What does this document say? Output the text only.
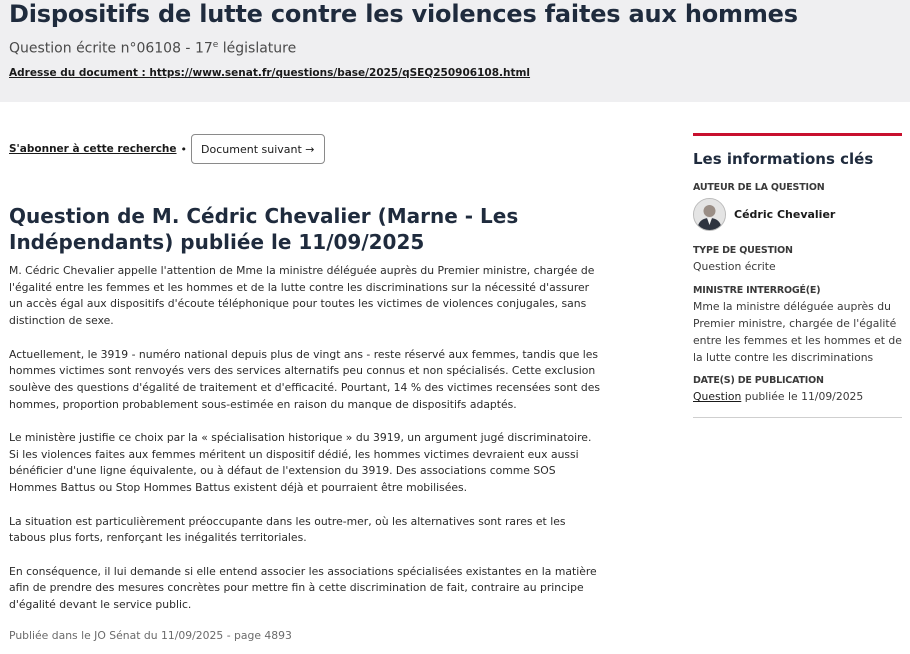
Dispositifs de lutte contre les violences faites aux hommes
Question écrite n°06108 - 17e législature
Adresse du document : https://www.senat.fr/questions/base/2025/qSEQ250906108.html
S'abonner à cette recherche •	Document suivant →
Question de M. Cédric Chevalier (Marne - Les Indépendants) publiée le 11/09/2025

M. Cédric Chevalier appelle l'attention de Mme la ministre déléguée auprès du Premier ministre, chargée de l'égalité entre les femmes et les hommes et de la lutte contre les discriminations sur la nécessité d'assurer un accès égal aux dispositifs d'écoute téléphonique pour toutes les victimes de violences conjugales, sans distinction de sexe.

Actuellement, le 3919 - numéro national depuis plus de vingt ans - reste réservé aux femmes, tandis que les hommes victimes sont renvoyés vers des services alternatifs peu connus et non spécialisés. Cette exclusion soulève des questions d'égalité de traitement et d'efficacité. Pourtant, 14 % des victimes recensées sont des hommes, proportion probablement sous-estimée en raison du manque de dispositifs adaptés.

Le ministère justifie ce choix par la « spécialisation historique » du 3919, un argument jugé discriminatoire. Si les violences faites aux femmes méritent un dispositif dédié, les hommes victimes devraient eux aussi bénéficier d'une ligne équivalente, ou à défaut de l'extension du 3919. Des associations comme SOS Hommes Battus ou Stop Hommes Battus existent déjà et pourraient être mobilisées.

La situation est particulièrement préoccupante dans les outre-mer, où les alternatives sont rares et les tabous plus forts, renforçant les inégalités territoriales.

En conséquence, il lui demande si elle entend associer les associations spécialisées existantes en la matière afin de prendre des mesures concrètes pour mettre fin à cette discrimination de fait, contraire au principe d'égalité devant le service public.

Publiée dans le JO Sénat du 11/09/2025 - page 4893
Les informations clés
AUTEUR DE LA QUESTION
Cédric Chevalier
TYPE DE QUESTION
Question écrite
MINISTRE INTERROGÉ(E)
Mme la ministre déléguée auprès du Premier ministre, chargée de l'égalité entre les femmes et les hommes et de la lutte contre les discriminations
DATE(S) DE PUBLICATION
Question publiée le 11/09/2025
